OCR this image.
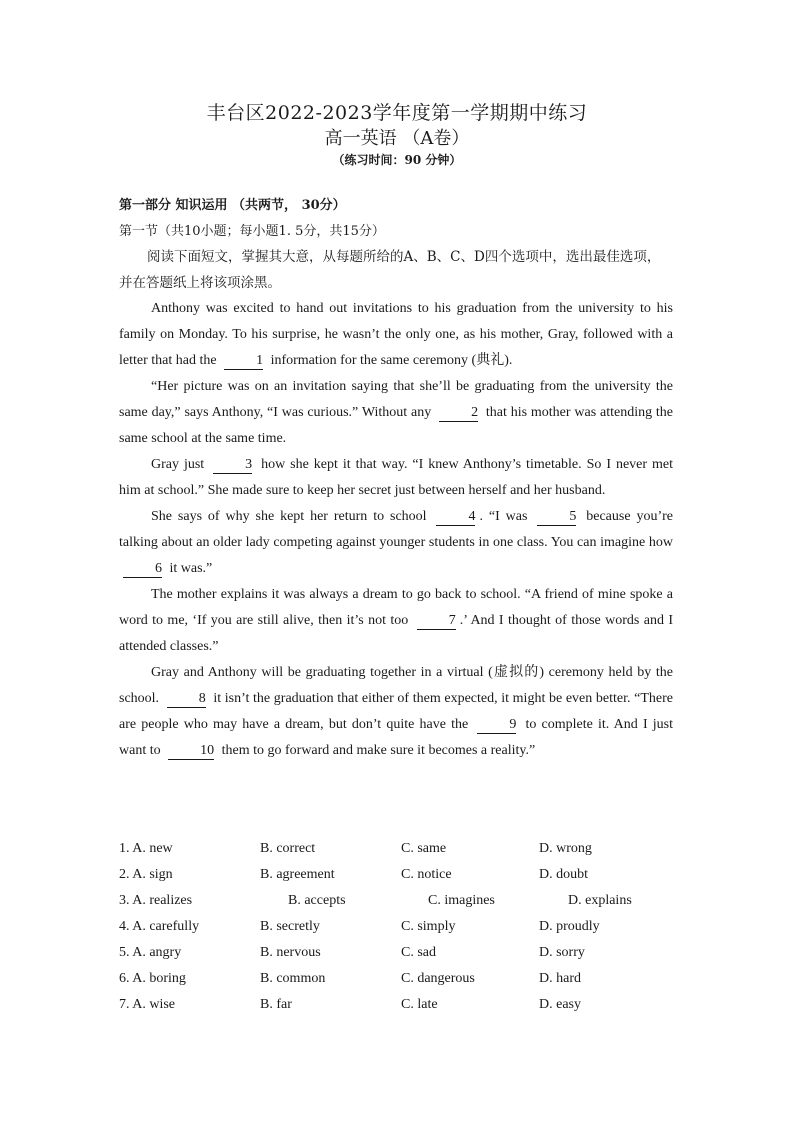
丰台区2022-2023学年度第一学期期中练习
高一英语 （A卷）
（练习时间：90 分钟）
第一部分 知识运用 （共两节， 30分）
第一节（共10小题；每小题1. 5分，共15分）
阅读下面短文，掌握其大意，从每题所给的A、B、C、D四个选项中，选出最佳选项，
并在答题纸上将该项涂黑。

Anthony was excited to hand out invitations to his graduation from the university to his family on Monday. To his surprise, he wasn’t the only one, as his mother, Gray, followed with a letter that had the	1 information for the same ceremony (典礼).

“Her picture was on an invitation saying that she’ll be graduating from the university the same day,” says Anthony, “I was curious.” Without any	2 that his mother was attending the same school at the same time.

Gray just	3 how she kept it that way. “I knew Anthony’s timetable. So I never met him at school.” She made sure to keep her secret just between herself and her husband.

She says of why she kept her return to school	4 . “I was	5 because you’re talking about an older lady competing against younger students in one class. You can imagine how 6 it was.”

The mother explains it was always a dream to go back to school. “A friend of mine spoke a word to me, ‘If you are still alive, then it’s not too	7 .’ And I thought of those words and I attended classes.”

Gray and Anthony will be graduating together in a virtual (虚拟的) ceremony held by the school.	8 it isn’t the graduation that either of them expected, it might be even better. “There are people who may have a dream, but don’t quite have the	9 to complete it. And I just want to	10 them to go forward and make sure it becomes a reality.”

1. A. new	B. correct	C. same	D. wrong
2. A. sign	B. agreement	C. notice	D. doubt
3. A. realizes	B. accepts	C. imagines	D. explains
4. A. carefully	B. secretly	C. simply	D. proudly
5. A. angry	B. nervous	C. sad	D. sorry
6. A. boring	B. common	C. dangerous	D. hard
7. A. wise	B. far	C. late	D. easy
